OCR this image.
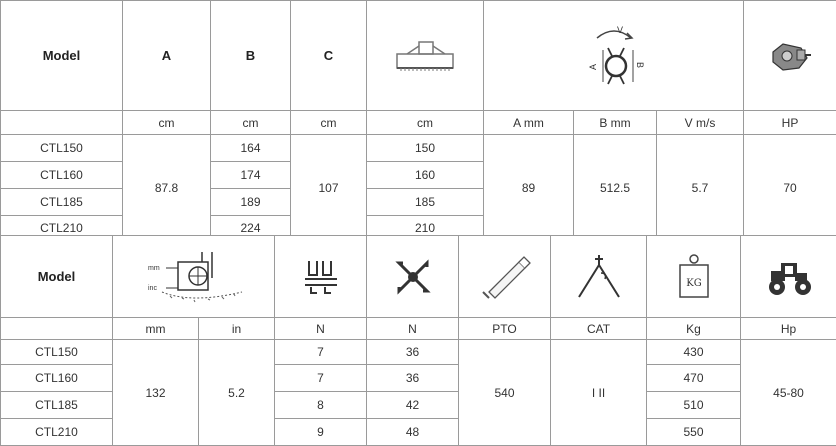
Model	A	B	C		V
A B

	cm	cm	cm	cm	A mm	B mm	V m/s	HP
CTL150	87.8	164	107	150	89	512.5	5.7	70
CTL160		174		160				
CTL185		189		185				
CTL210		224		210				
Model	mm
inc						KG

	mm	in	N	N	PTO	CAT	Kg	Hp
CTL150	132	5.2	7	36	540	I II	430	45-80
CTL160			7	36			470	
CTL185			8	42			510	
CTL210			9	48			550	
